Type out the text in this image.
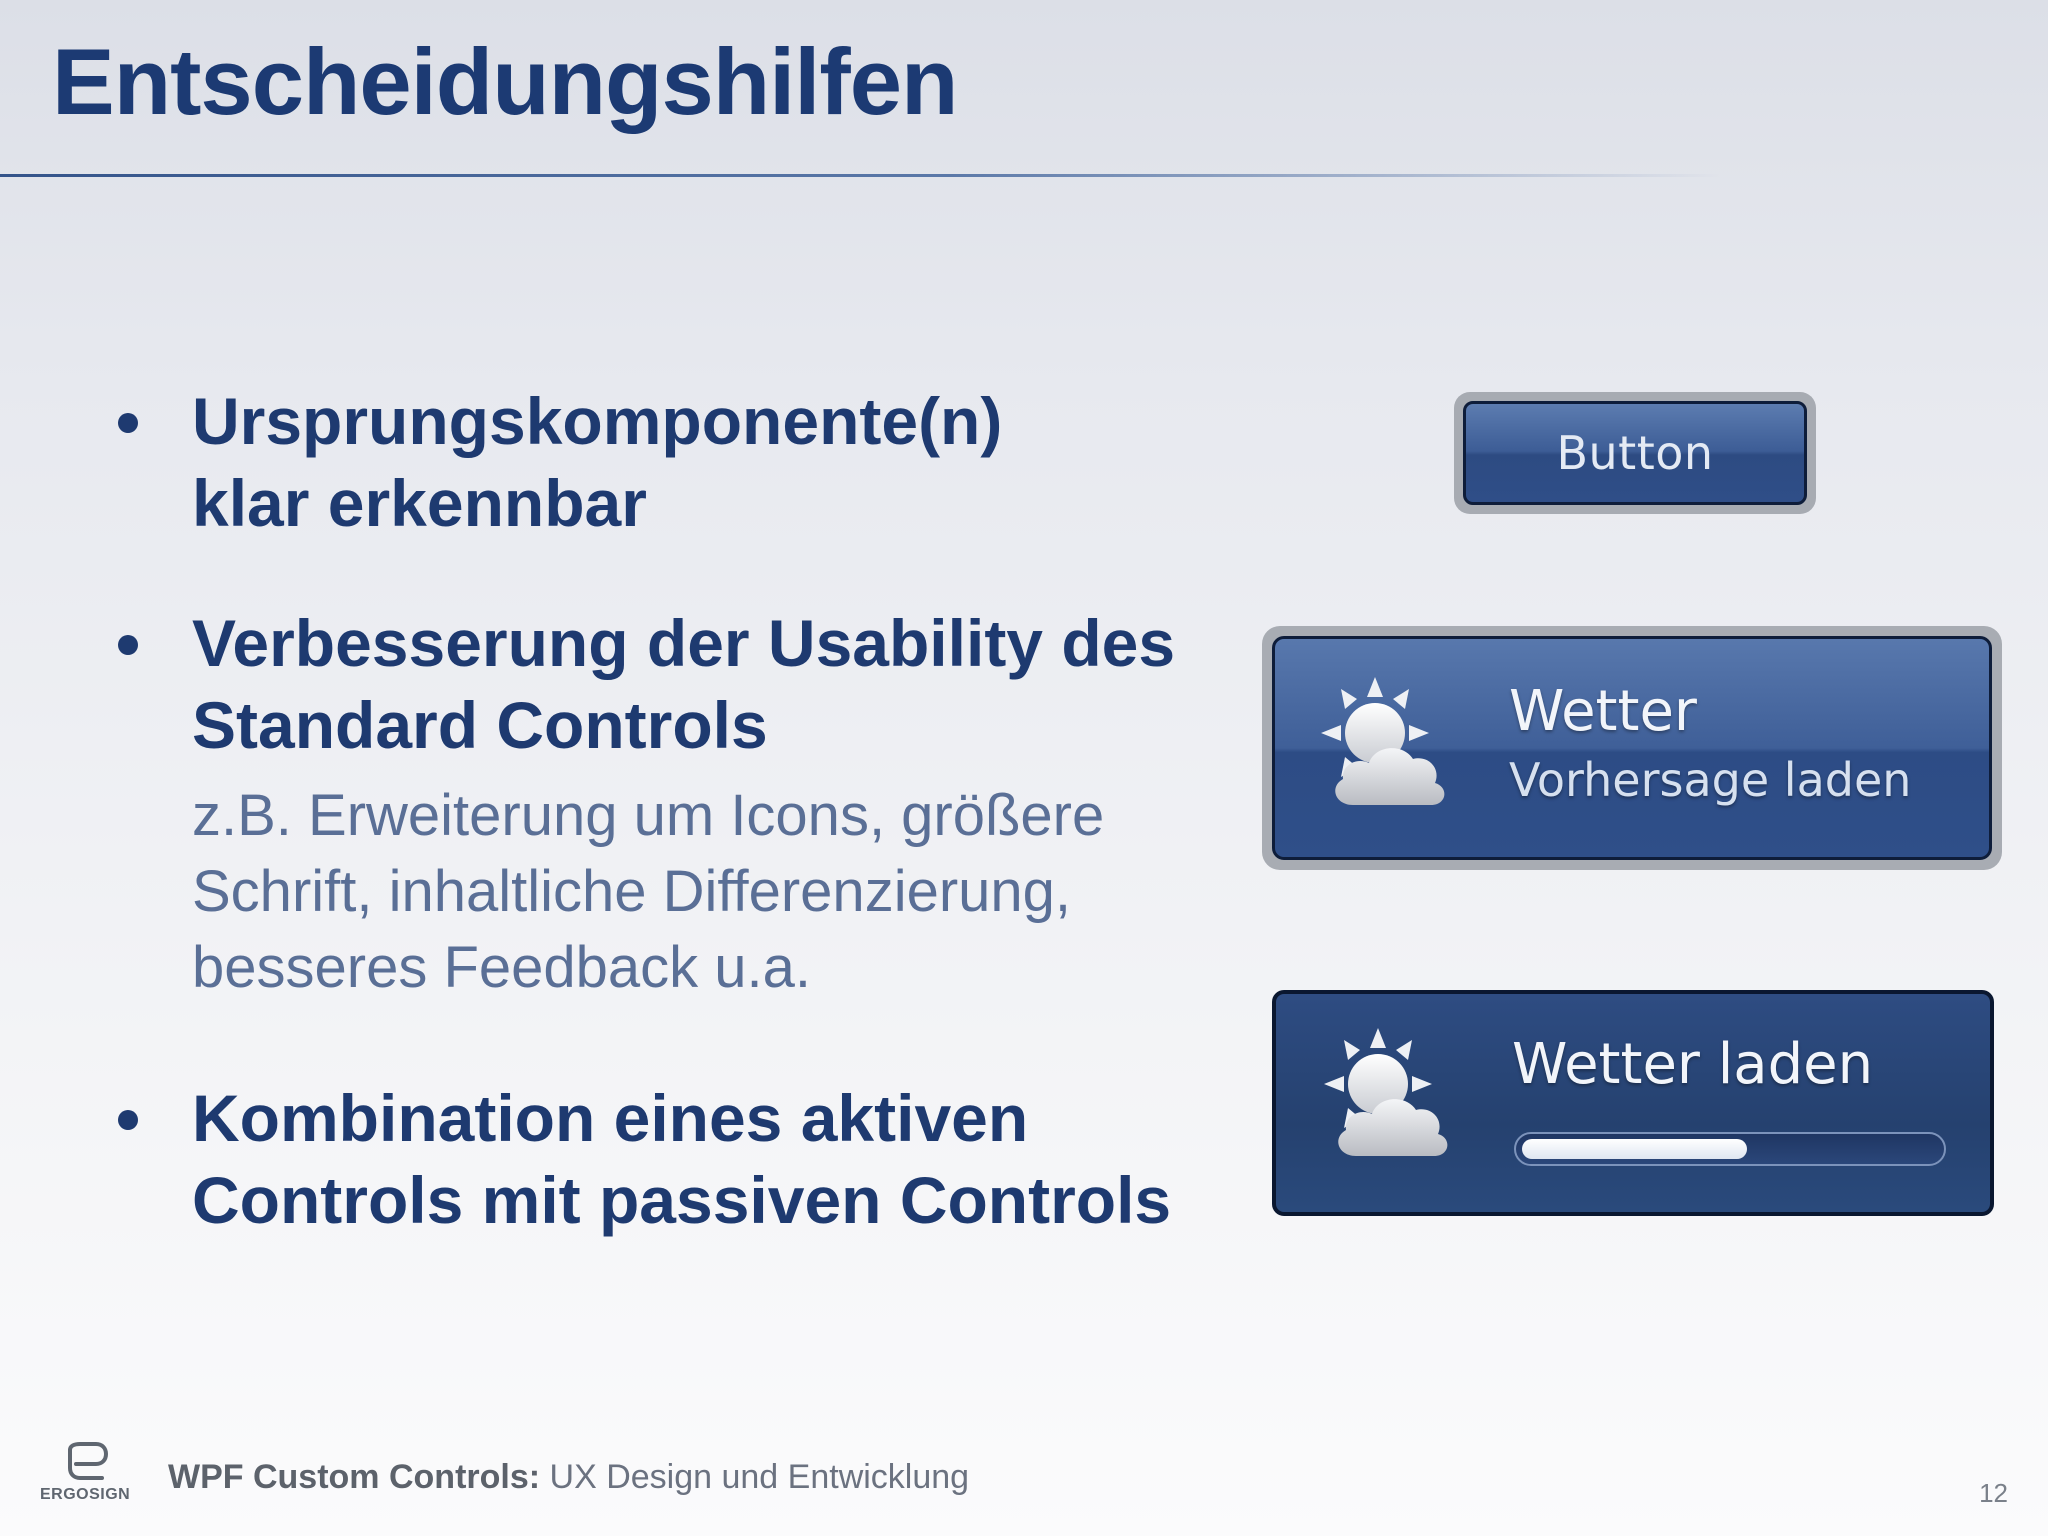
Entscheidungshilfen
Ursprungskomponente(n)
klar erkennbar
Verbesserung der Usability des
Standard Controls
z.B. Erweiterung um Icons, größere
Schrift, inhaltliche Differenzierung,
besseres Feedback u.a.
Kombination eines aktiven
Controls mit passiven Controls
Button
Wetter
Vorhersage laden
Wetter laden
ERGOSIGN WPF Custom Controls: UX Design und Entwicklung	12
